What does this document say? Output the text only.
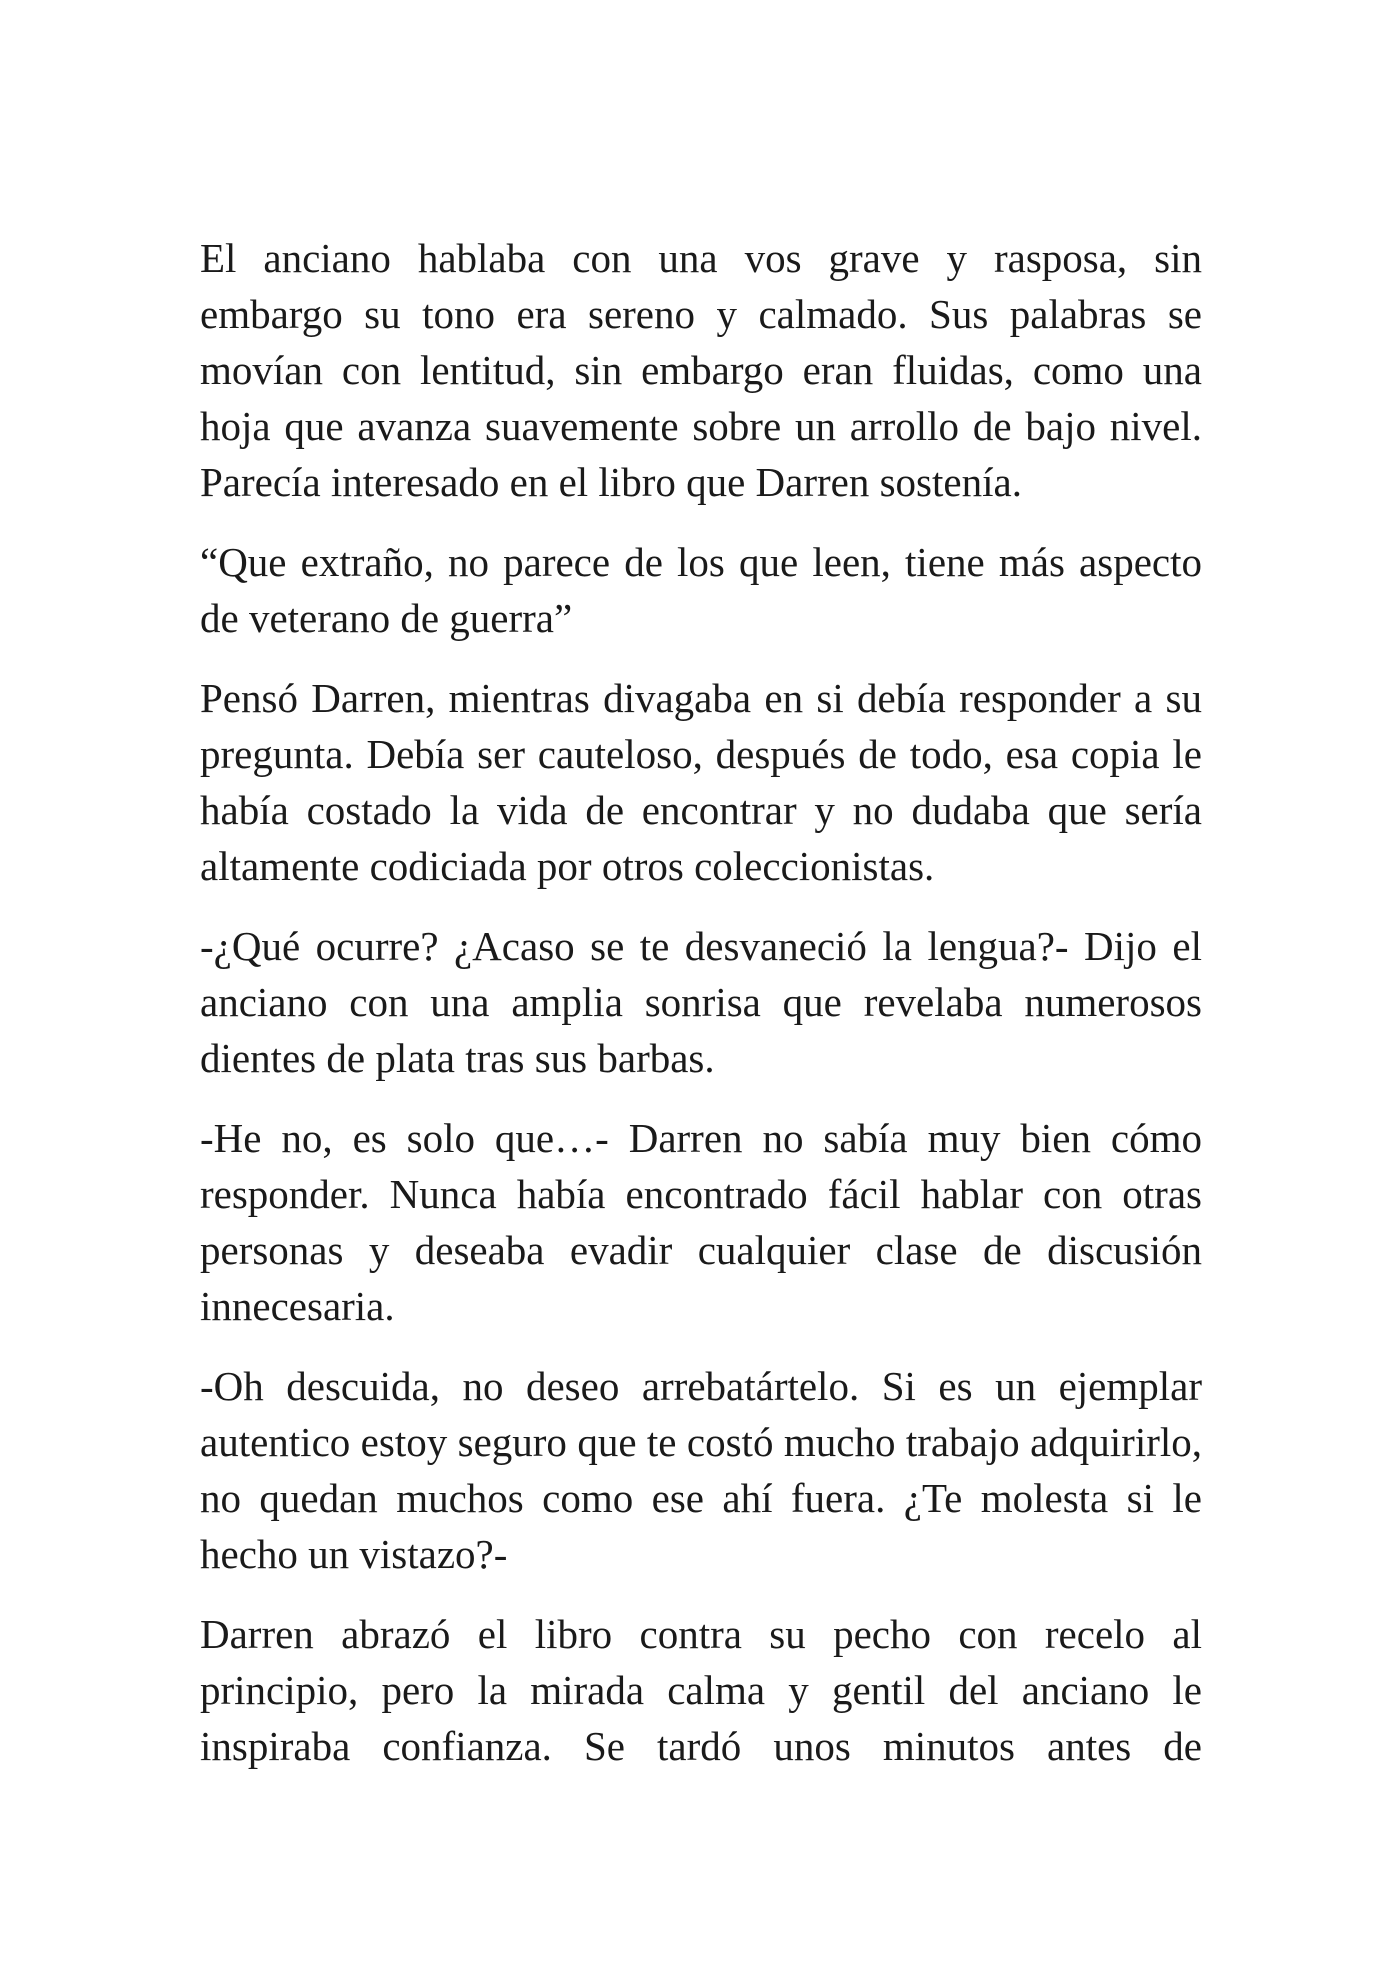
El anciano hablaba con una vos grave y rasposa, sin embargo su tono era sereno y calmado. Sus palabras se movían con lentitud, sin embargo eran fluidas, como una hoja que avanza suavemente sobre un arrollo de bajo nivel. Parecía interesado en el libro que Darren sostenía.

“Que extraño, no parece de los que leen, tiene más aspecto de veterano de guerra”

Pensó Darren, mientras divagaba en si debía responder a su pregunta. Debía ser cauteloso, después de todo, esa copia le había costado la vida de encontrar y no dudaba que sería altamente codiciada por otros coleccionistas.

-¿Qué ocurre? ¿Acaso se te desvaneció la lengua?- Dijo el anciano con una amplia sonrisa que revelaba numerosos dientes de plata tras sus barbas.

-He no, es solo que…- Darren no sabía muy bien cómo responder. Nunca había encontrado fácil hablar con otras personas y deseaba evadir cualquier clase de discusión innecesaria.

-Oh descuida, no deseo arrebatártelo. Si es un ejemplar autentico estoy seguro que te costó mucho trabajo adquirirlo, no quedan muchos como ese ahí fuera. ¿Te molesta si le hecho un vistazo?-

Darren abrazó el libro contra su pecho con recelo al principio, pero la mirada calma y gentil del anciano le inspiraba confianza. Se tardó unos minutos antes de
